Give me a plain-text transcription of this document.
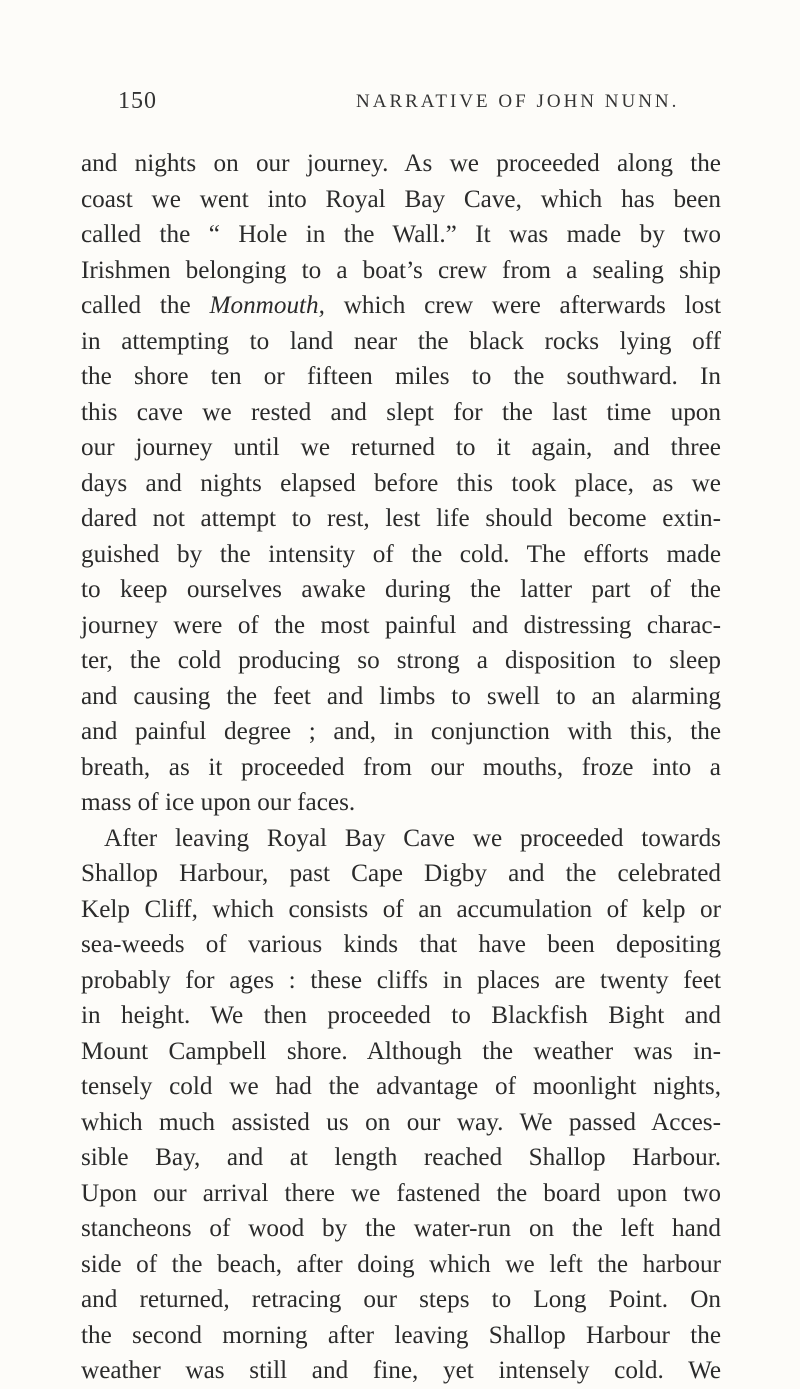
150	NARRATIVE OF JOHN NUNN.
and nights on our journey. As we proceeded along the
coast we went into Royal Bay Cave, which has been
called the “ Hole in the Wall.” It was made by two
Irishmen belonging to a boat’s crew from a sealing ship
called the Monmouth, which crew were afterwards lost
in attempting to land near the black rocks lying off
the shore ten or fifteen miles to the southward. In
this cave we rested and slept for the last time upon
our journey until we returned to it again, and three
days and nights elapsed before this took place, as we
dared not attempt to rest, lest life should become extin-
guished by the intensity of the cold. The efforts made
to keep ourselves awake during the latter part of the
journey were of the most painful and distressing charac-
ter, the cold producing so strong a disposition to sleep
and causing the feet and limbs to swell to an alarming
and painful degree ; and, in conjunction with this, the
breath, as it proceeded from our mouths, froze into a
mass of ice upon our faces.
After leaving Royal Bay Cave we proceeded towards
Shallop Harbour, past Cape Digby and the celebrated
Kelp Cliff, which consists of an accumulation of kelp or
sea-weeds of various kinds that have been depositing
probably for ages : these cliffs in places are twenty feet
in height. We then proceeded to Blackfish Bight and
Mount Campbell shore. Although the weather was in-
tensely cold we had the advantage of moonlight nights,
which much assisted us on our way. We passed Acces-
sible Bay, and at length reached Shallop Harbour.
Upon our arrival there we fastened the board upon two
stancheons of wood by the water-run on the left hand
side of the beach, after doing which we left the harbour
and returned, retracing our steps to Long Point. On
the second morning after leaving Shallop Harbour the
weather was still and fine, yet intensely cold. We
